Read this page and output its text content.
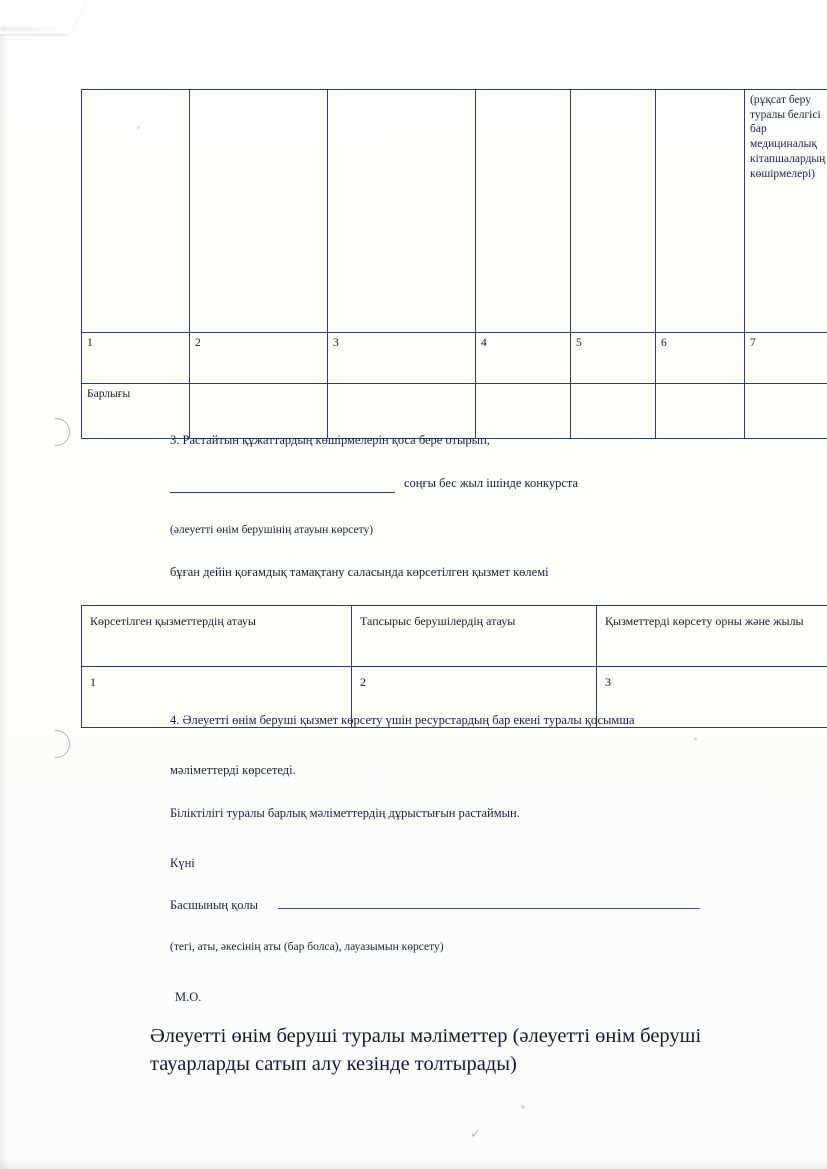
						(рұқсат беру туралы белгісі бар медициналық кітапшалардың көшірмелері)
1	2	3	4	5	6	7
Барлығы						
3. Растайтын құжаттардың көшірмелерін қоса бере отырып,
соңғы бес жыл ішінде конкурста
(әлеуетті өнім берушінің атауын көрсету)
бұған дейін қоғамдық тамақтану саласында көрсетілген қызмет көлемі
Көрсетілген қызметтердің атауы	Тапсырыс берушілердің атауы	Қызметтерді көрсету орны және жылы
1	2	3
4. Әлеуетті өнім беруші қызмет көрсету үшін ресурстардың бар екені туралы қосымша
мәліметтерді көрсетеді.
Біліктілігі туралы барлық мәліметтердің дұрыстығын растаймын.
Күні
Басшының қолы
(тегі, аты, әкесінің аты (бар болса), лауазымын көрсету)
М.О.
Әлеуетті өнім беруші туралы мәліметтер (әлеуетті өнім беруші
тауарларды сатып алу кезінде толтырады)
✓
